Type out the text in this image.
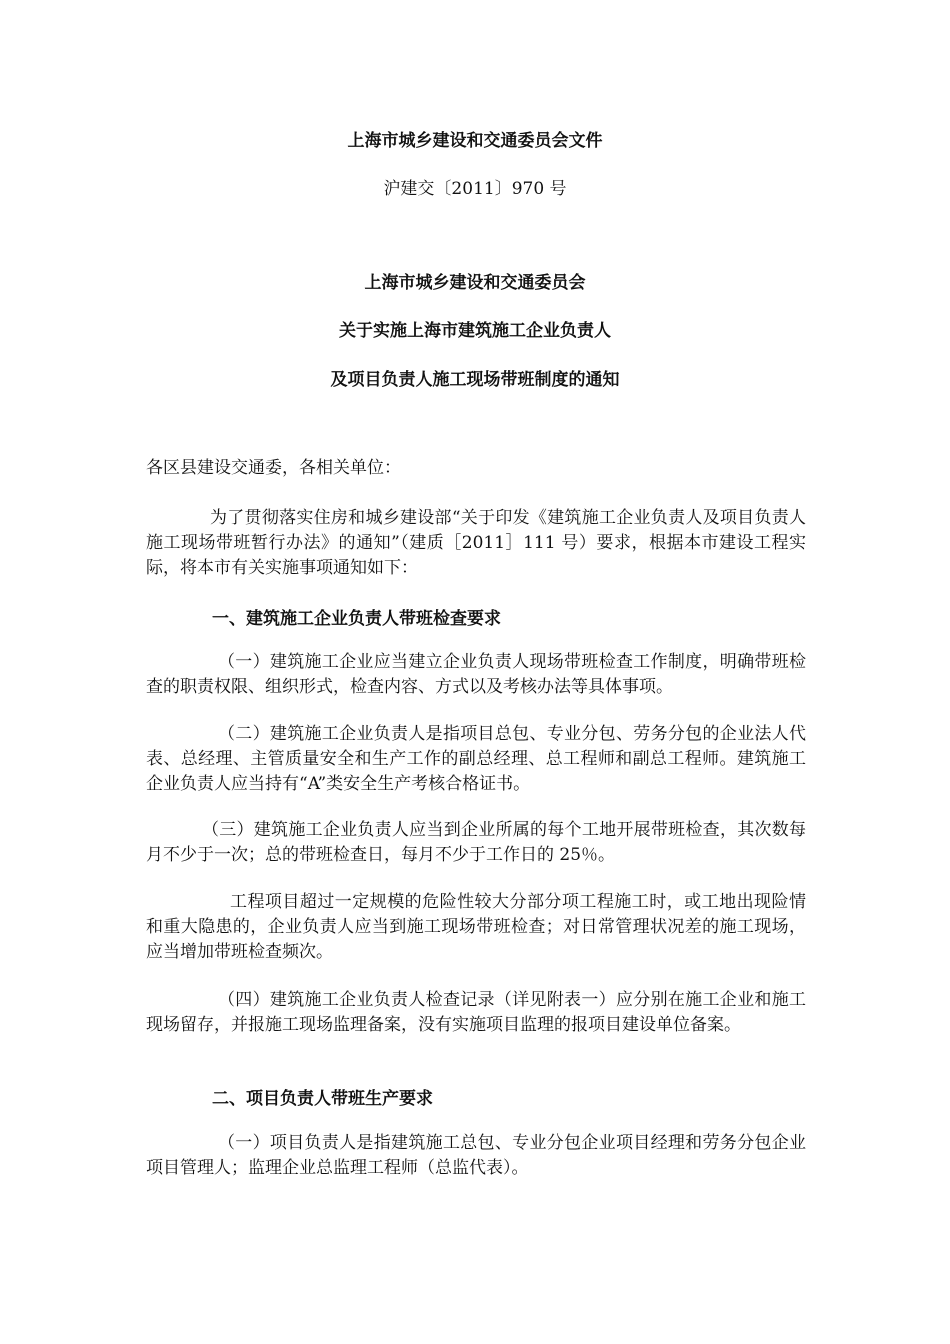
上海市城乡建设和交通委员会文件
沪建交〔2011〕970 号
上海市城乡建设和交通委员会
关于实施上海市建筑施工企业负责人
及项目负责人施工现场带班制度的通知

各区县建设交通委，各相关单位：

为了贯彻落实住房和城乡建设部“关于印发《建筑施工企业负责人及项目负责人施工现场带班暂行办法》的通知”（建质［2011］111 号）要求，根据本市建设工程实际，将本市有关实施事项通知如下：

一、建筑施工企业负责人带班检查要求

（一）建筑施工企业应当建立企业负责人现场带班检查工作制度，明确带班检查的职责权限、组织形式，检查内容、方式以及考核办法等具体事项。

（二）建筑施工企业负责人是指项目总包、专业分包、劳务分包的企业法人代表、总经理、主管质量安全和生产工作的副总经理、总工程师和副总工程师。建筑施工企业负责人应当持有“A”类安全生产考核合格证书。

（三）建筑施工企业负责人应当到企业所属的每个工地开展带班检查，其次数每月不少于一次；总的带班检查日，每月不少于工作日的 25％。

工程项目超过一定规模的危险性较大分部分项工程施工时，或工地出现险情和重大隐患的，企业负责人应当到施工现场带班检查；对日常管理状况差的施工现场，应当增加带班检查频次。

（四）建筑施工企业负责人检查记录（详见附表一）应分别在施工企业和施工现场留存，并报施工现场监理备案，没有实施项目监理的报项目建设单位备案。

二、项目负责人带班生产要求

（一）项目负责人是指建筑施工总包、专业分包企业项目经理和劳务分包企业项目管理人；监理企业总监理工程师（总监代表）。
